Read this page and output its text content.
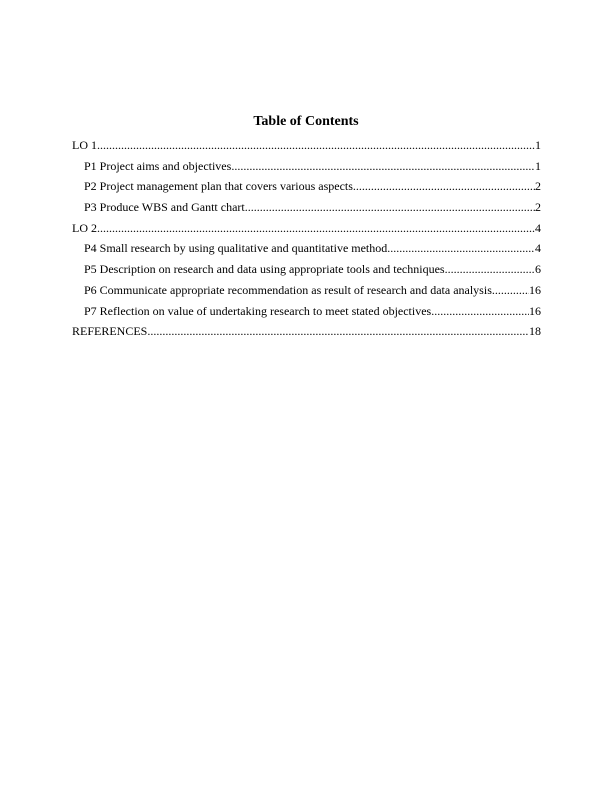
Table of Contents
LO 1 .....	1
P1 Project aims and objectives .....	1
P2 Project management plan that covers various aspects .....	2
P3 Produce WBS and Gantt chart .....	2
LO 2 .....	4
P4 Small research by using qualitative and quantitative method .....	4
P5 Description on research and data using appropriate tools and techniques .....	6
P6 Communicate appropriate recommendation as result of research and data analysis .....	16
P7 Reflection on value of undertaking research to meet stated objectives .....	16
REFERENCES .....	18
